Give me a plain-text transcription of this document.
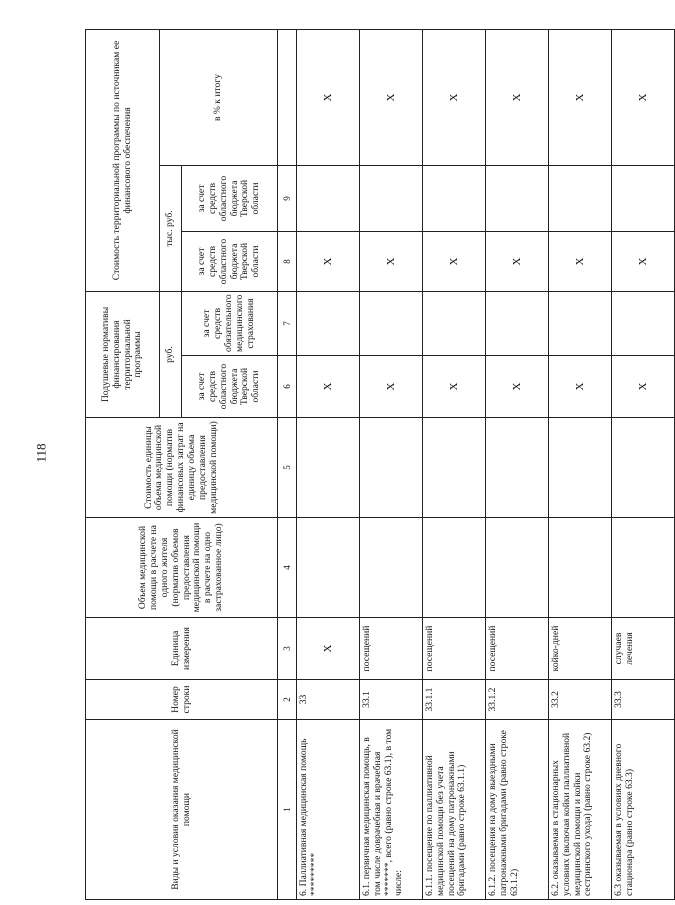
118
Виды и условия оказания медицинской помощи	Номер строки	Единица измерения	Объем медицинской помощи в расчете на одного жителя (норматив объемов предоставления медицинской помощи в расчете на одно застрахованное лицо)	Стоимость единицы объема медицинской помощи (норматив финансовых затрат на единицу объема предоставления медицинской помощи)	Подушевые нормативы финансирования территориальной программы		Стоимость территориальной программы по источникам ее финансового обеспечения		
					руб.		тыс. руб.		в % к итогу
					за счет средств областного бюджета Тверской области	за счет средств обязательного медицинского страхования	за счет средств областного бюджета Тверской области	за счет средств областного бюджета Тверской области	
1	2	3	4	5	6	7	8	9	
6. Паллиативная медицинская помощь *********	33	Х			Х		Х		Х
6.1. первичная медицинская помощь, в том числе доврачебная и врачебная *******, всего (равно строке 63.1), в том числе:	33.1	посещений			Х		Х		Х
6.1.1. посещение по паллиативной медицинской помощи без учета посещений на дому патронажными бригадами (равно строке 63.1.1)	33.1.1	посещений			Х		Х		Х
6.1.2. посещения на дому выездными патронажными бригадами (равно строке 63.1.2)	33.1.2	посещений			Х		Х		Х
6.2. оказываемая в стационарных условиях (включая койки паллиативной медицинской помощи и койки сестринского ухода) (равно строке 63.2)	33.2	койко-дней			Х		Х		Х
6.3 оказываемая в условиях дневного стационара (равно строке 63.3)	33.3	случаев лечения			Х		Х		Х
